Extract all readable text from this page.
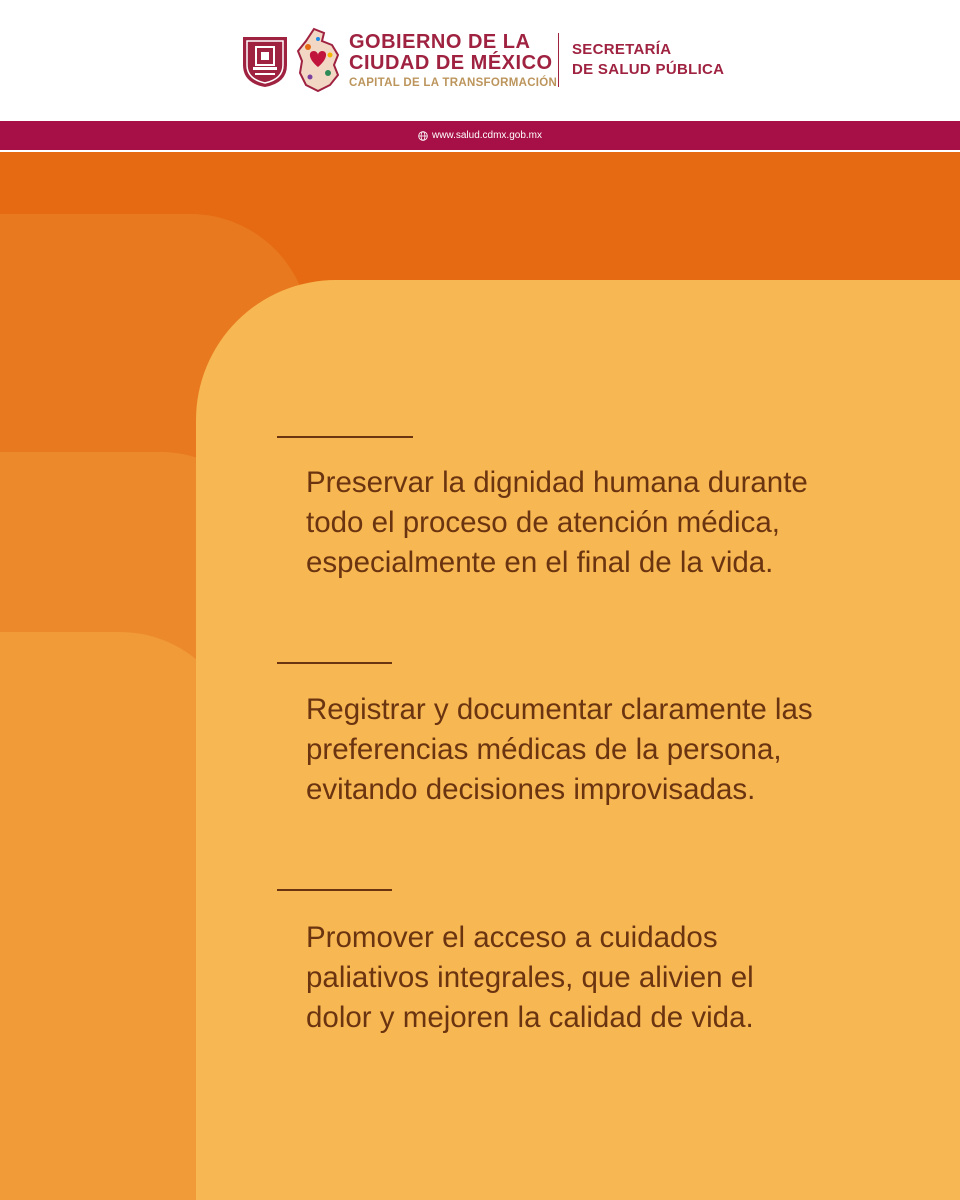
GOBIERNO DE LA
CIUDAD DE MÉXICO
CAPITAL DE LA TRANSFORMACIÓN
SECRETARÍA
DE SALUD PÚBLICA
www.salud.cdmx.gob.mx

Preservar la dignidad humana durante todo el proceso de atención médica, especialmente en el final de la vida.

Registrar y documentar claramente las preferencias médicas de la persona, evitando decisiones improvisadas.

Promover el acceso a cuidados paliativos integrales, que alivien el dolor y mejoren la calidad de vida.
